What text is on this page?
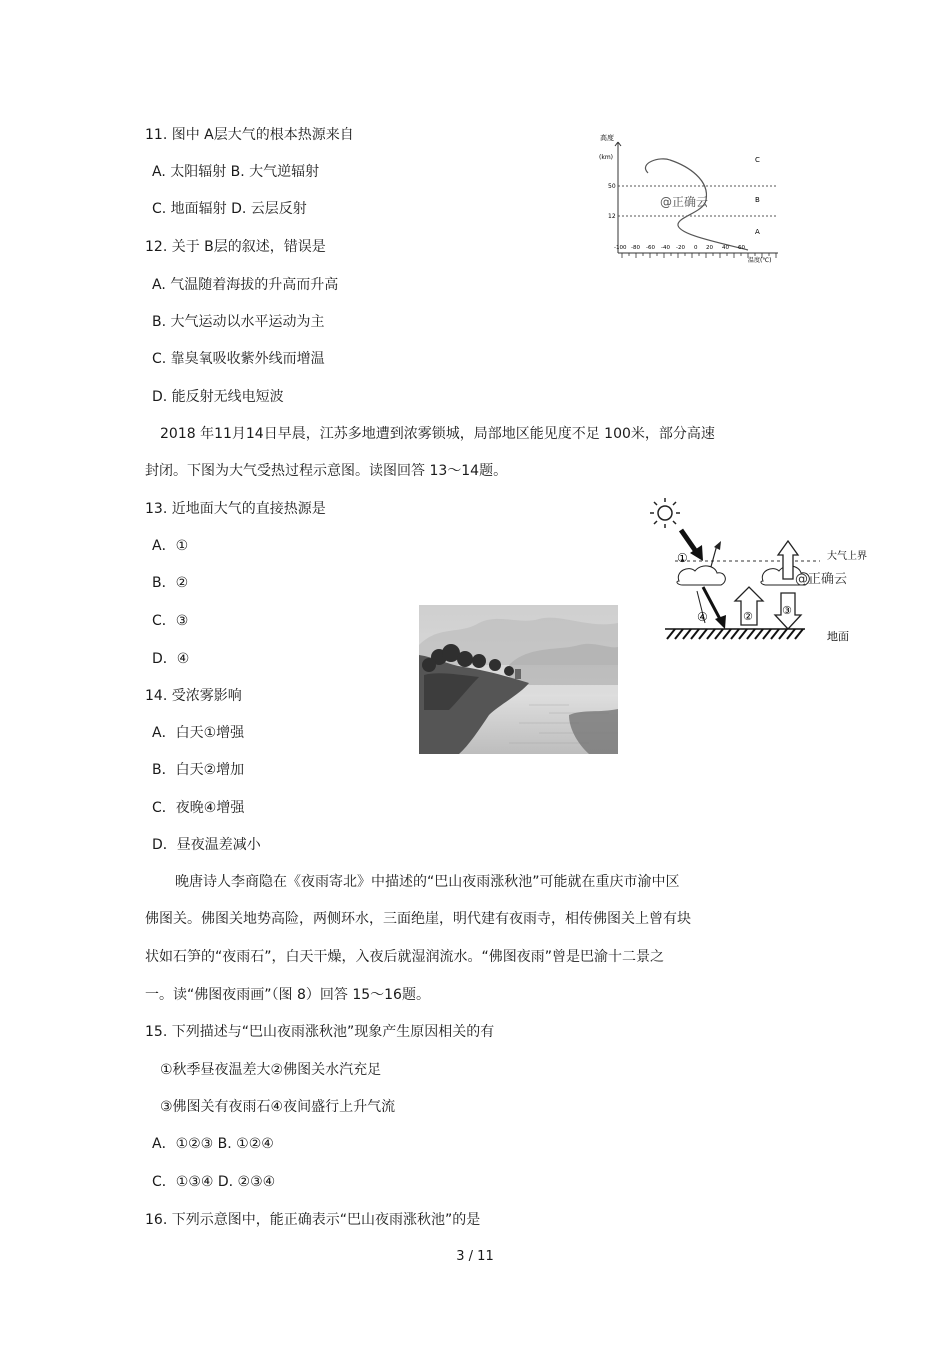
11. 图中 A层大气的根本热源来自
A. 太阳辐射 B. 大气逆辐射
C. 地面辐射 D. 云层反射
12. 关于 B层的叙述，错误是
A. 气温随着海拔的升高而升高
B. 大气运动以水平运动为主
C. 靠臭氧吸收紫外线而增温
D. 能反射无线电短波
2018 年11月14日早晨，江苏多地遭到浓雾锁城，局部地区能见度不足 100米，部分高速
封闭。下图为大气受热过程示意图。读图回答 13～14题。
13. 近地面大气的直接热源是
A．①
B．②
C．③
D．④
14. 受浓雾影响
A．白天①增强
B．白天②增加
C．夜晚④增强
D．昼夜温差减小
晚唐诗人李商隐在《夜雨寄北》中描述的“巴山夜雨涨秋池”可能就在重庆市渝中区
佛图关。佛图关地势高险，两侧环水，三面绝崖，明代建有夜雨寺，相传佛图关上曾有块
状如石笋的“夜雨石”，白天干燥，入夜后就湿润流水。“佛图夜雨”曾是巴渝十二景之
一。读“佛图夜雨画”（图 8）回答 15～16题。
15. 下列描述与“巴山夜雨涨秋池”现象产生原因相关的有
①秋季昼夜温差大②佛图关水汽充足
③佛图关有夜雨石④夜间盛行上升气流
A．①②③ B. ①②④
C．①③④ D. ②③④
16. 下列示意图中，能正确表示“巴山夜雨涨秋池”的是
3 / 11
高度
(km)
50
12
C
B
A
@正确云
-100 -80 -60 -40 -20 0 20 40 60
温度(℃)
大气上界
①
④	②	③
@正确云
地面
